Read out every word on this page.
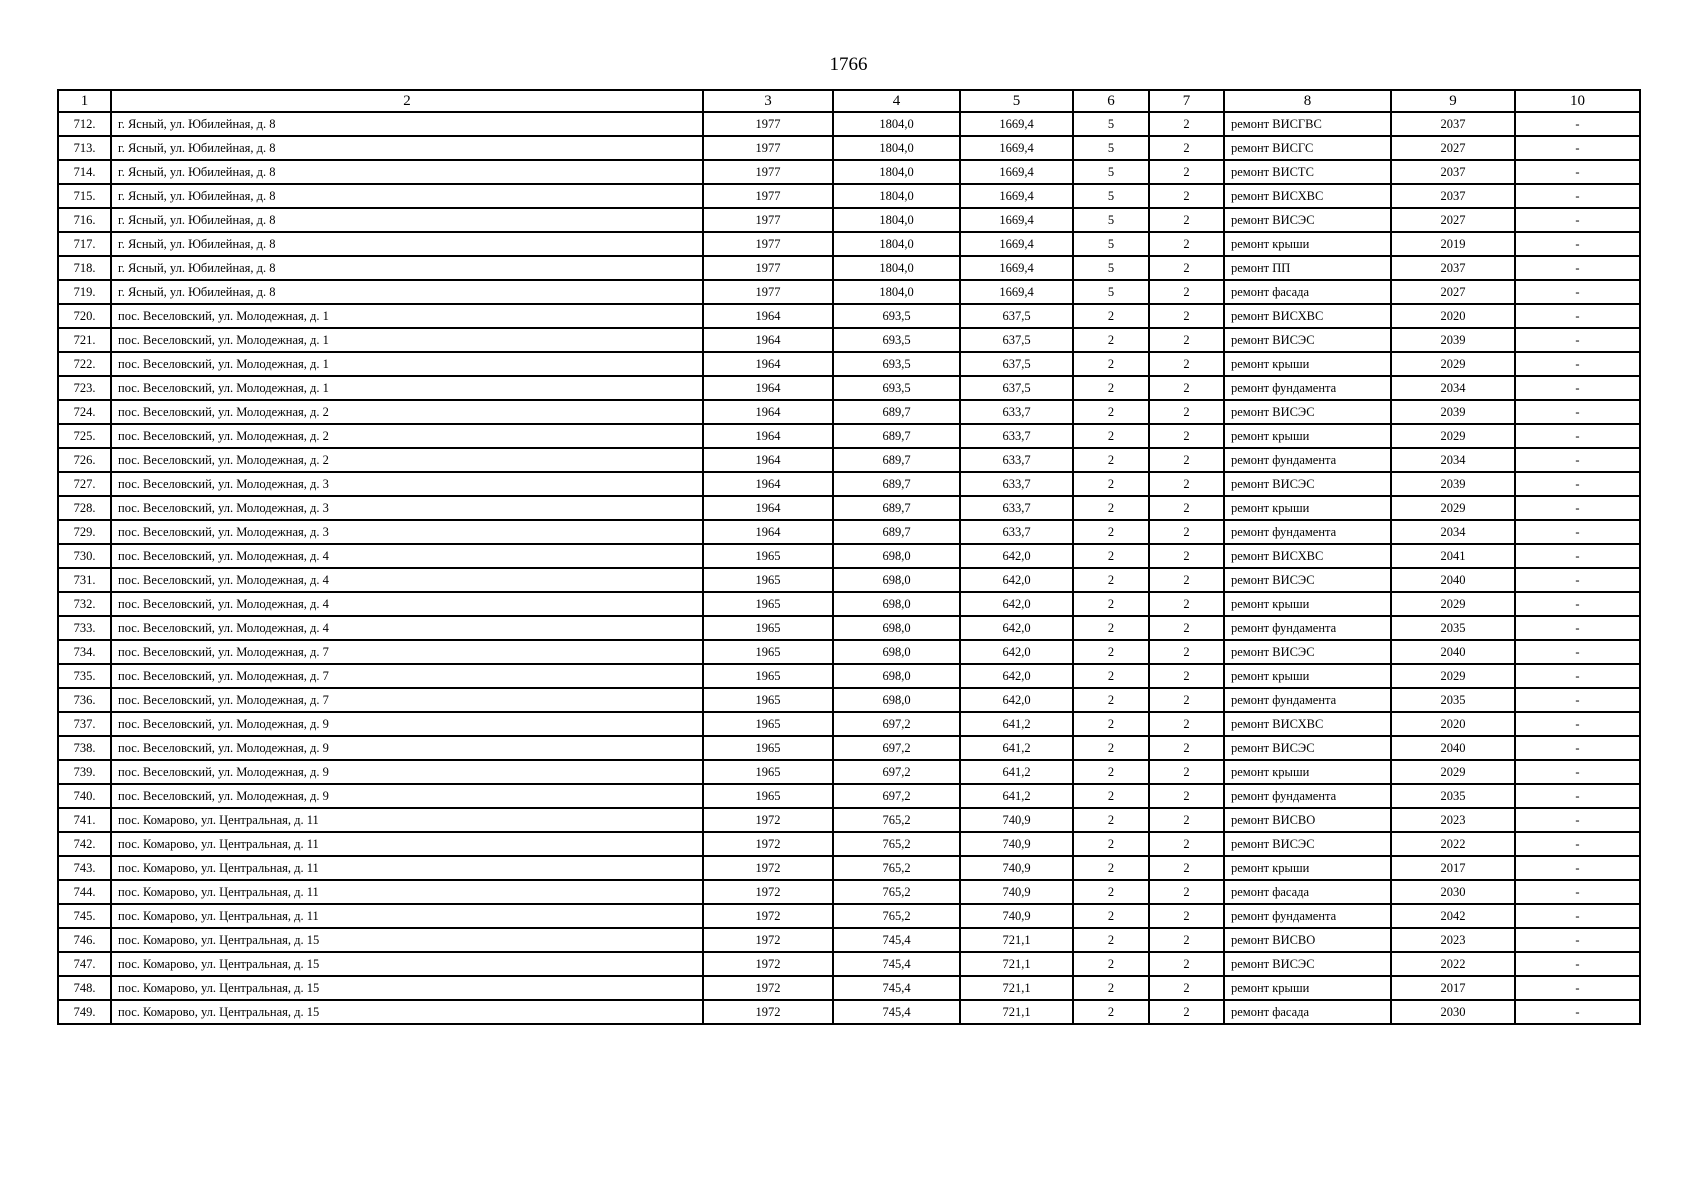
1766
1	2	3	4	5	6	7	8	9	10
712.	г. Ясный, ул. Юбилейная, д. 8	1977	1804,0	1669,4	5	2	ремонт ВИСГВС	2037	-
713.	г. Ясный, ул. Юбилейная, д. 8	1977	1804,0	1669,4	5	2	ремонт ВИСГС	2027	-
714.	г. Ясный, ул. Юбилейная, д. 8	1977	1804,0	1669,4	5	2	ремонт ВИСТС	2037	-
715.	г. Ясный, ул. Юбилейная, д. 8	1977	1804,0	1669,4	5	2	ремонт ВИСХВС	2037	-
716.	г. Ясный, ул. Юбилейная, д. 8	1977	1804,0	1669,4	5	2	ремонт ВИСЭС	2027	-
717.	г. Ясный, ул. Юбилейная, д. 8	1977	1804,0	1669,4	5	2	ремонт крыши	2019	-
718.	г. Ясный, ул. Юбилейная, д. 8	1977	1804,0	1669,4	5	2	ремонт ПП	2037	-
719.	г. Ясный, ул. Юбилейная, д. 8	1977	1804,0	1669,4	5	2	ремонт фасада	2027	-
720.	пос. Веселовский, ул. Молодежная, д. 1	1964	693,5	637,5	2	2	ремонт ВИСХВС	2020	-
721.	пос. Веселовский, ул. Молодежная, д. 1	1964	693,5	637,5	2	2	ремонт ВИСЭС	2039	-
722.	пос. Веселовский, ул. Молодежная, д. 1	1964	693,5	637,5	2	2	ремонт крыши	2029	-
723.	пос. Веселовский, ул. Молодежная, д. 1	1964	693,5	637,5	2	2	ремонт фундамента	2034	-
724.	пос. Веселовский, ул. Молодежная, д. 2	1964	689,7	633,7	2	2	ремонт ВИСЭС	2039	-
725.	пос. Веселовский, ул. Молодежная, д. 2	1964	689,7	633,7	2	2	ремонт крыши	2029	-
726.	пос. Веселовский, ул. Молодежная, д. 2	1964	689,7	633,7	2	2	ремонт фундамента	2034	-
727.	пос. Веселовский, ул. Молодежная, д. 3	1964	689,7	633,7	2	2	ремонт ВИСЭС	2039	-
728.	пос. Веселовский, ул. Молодежная, д. 3	1964	689,7	633,7	2	2	ремонт крыши	2029	-
729.	пос. Веселовский, ул. Молодежная, д. 3	1964	689,7	633,7	2	2	ремонт фундамента	2034	-
730.	пос. Веселовский, ул. Молодежная, д. 4	1965	698,0	642,0	2	2	ремонт ВИСХВС	2041	-
731.	пос. Веселовский, ул. Молодежная, д. 4	1965	698,0	642,0	2	2	ремонт ВИСЭС	2040	-
732.	пос. Веселовский, ул. Молодежная, д. 4	1965	698,0	642,0	2	2	ремонт крыши	2029	-
733.	пос. Веселовский, ул. Молодежная, д. 4	1965	698,0	642,0	2	2	ремонт фундамента	2035	-
734.	пос. Веселовский, ул. Молодежная, д. 7	1965	698,0	642,0	2	2	ремонт ВИСЭС	2040	-
735.	пос. Веселовский, ул. Молодежная, д. 7	1965	698,0	642,0	2	2	ремонт крыши	2029	-
736.	пос. Веселовский, ул. Молодежная, д. 7	1965	698,0	642,0	2	2	ремонт фундамента	2035	-
737.	пос. Веселовский, ул. Молодежная, д. 9	1965	697,2	641,2	2	2	ремонт ВИСХВС	2020	-
738.	пос. Веселовский, ул. Молодежная, д. 9	1965	697,2	641,2	2	2	ремонт ВИСЭС	2040	-
739.	пос. Веселовский, ул. Молодежная, д. 9	1965	697,2	641,2	2	2	ремонт крыши	2029	-
740.	пос. Веселовский, ул. Молодежная, д. 9	1965	697,2	641,2	2	2	ремонт фундамента	2035	-
741.	пос. Комарово, ул. Центральная, д. 11	1972	765,2	740,9	2	2	ремонт ВИСВО	2023	-
742.	пос. Комарово, ул. Центральная, д. 11	1972	765,2	740,9	2	2	ремонт ВИСЭС	2022	-
743.	пос. Комарово, ул. Центральная, д. 11	1972	765,2	740,9	2	2	ремонт крыши	2017	-
744.	пос. Комарово, ул. Центральная, д. 11	1972	765,2	740,9	2	2	ремонт фасада	2030	-
745.	пос. Комарово, ул. Центральная, д. 11	1972	765,2	740,9	2	2	ремонт фундамента	2042	-
746.	пос. Комарово, ул. Центральная, д. 15	1972	745,4	721,1	2	2	ремонт ВИСВО	2023	-
747.	пос. Комарово, ул. Центральная, д. 15	1972	745,4	721,1	2	2	ремонт ВИСЭС	2022	-
748.	пос. Комарово, ул. Центральная, д. 15	1972	745,4	721,1	2	2	ремонт крыши	2017	-
749.	пос. Комарово, ул. Центральная, д. 15	1972	745,4	721,1	2	2	ремонт фасада	2030	-
